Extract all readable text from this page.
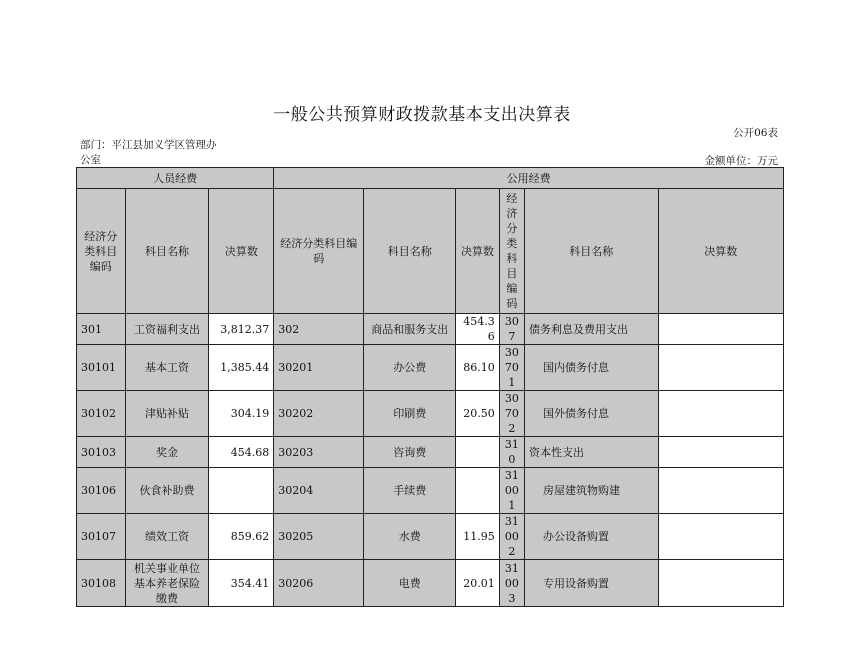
一般公共预算财政拨款基本支出决算表
公开06表
部门：平江县加义学区管理办公室	金额单位：万元
人员经费			公用经费					
经济分类科目编码	科目名称	决算数	经济分类科目编码	科目名称	决算数	经济分类科目编码	科目名称	决算数
301	工资福利支出	3,812.37	302	商品和服务支出	454.36	307	债务利息及费用支出	
30101	基本工资	1,385.44	30201	办公费	86.10	30701	国内债务付息	
30102	津贴补贴	304.19	30202	印刷费	20.50	30702	国外债务付息	
30103	奖金	454.68	30203	咨询费		310	资本性支出	
30106	伙食补助费		30204	手续费		31001	房屋建筑物购建	
30107	绩效工资	859.62	30205	水费	11.95	31002	办公设备购置	
30108	机关事业单位基本养老保险缴费	354.41	30206	电费	20.01	31003	专用设备购置	
